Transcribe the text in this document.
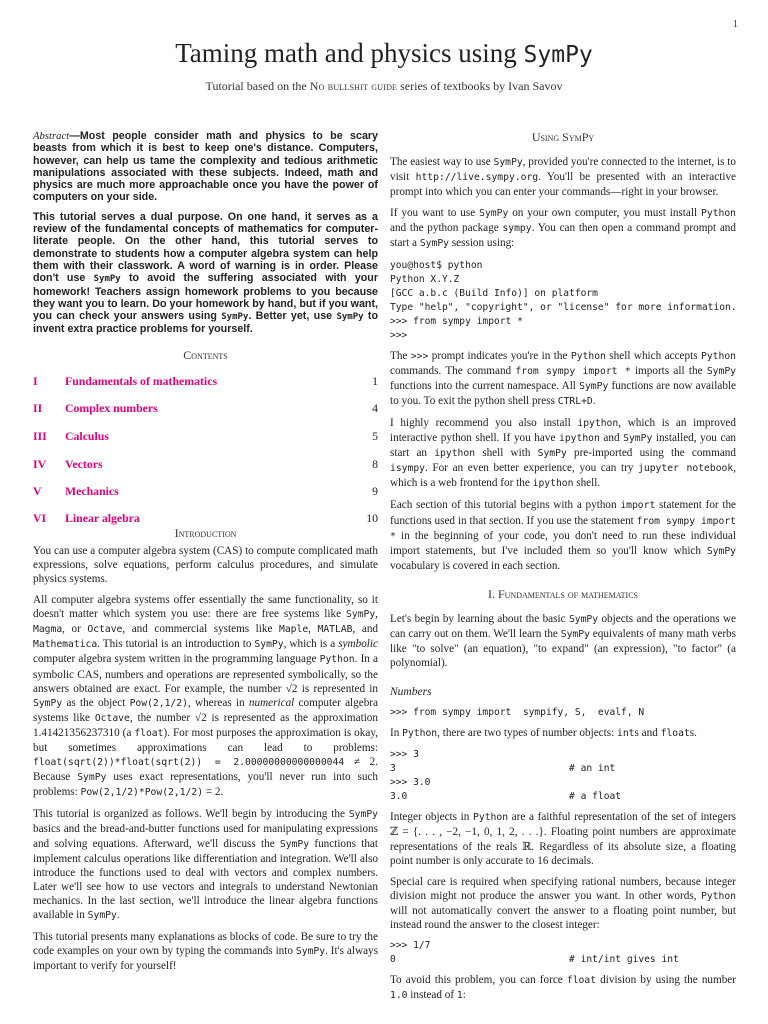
1
Taming math and physics using SymPy
Tutorial based on the No bullshit guide series of textbooks by Ivan Savov

Abstract—Most people consider math and physics to be scary beasts from which it is best to keep one's distance. Computers, however, can help us tame the complexity and tedious arithmetic manipulations associated with these subjects. Indeed, math and physics are much more approachable once you have the power of computers on your side.

This tutorial serves a dual purpose. On one hand, it serves as a review of the fundamental concepts of mathematics for computer-literate people. On the other hand, this tutorial serves to demonstrate to students how a computer algebra system can help them with their classwork. A word of warning is in order. Please don't use SymPy to avoid the suffering associated with your homework! Teachers assign homework problems to you because they want you to learn. Do your homework by hand, but if you want, you can check your answers using SymPy. Better yet, use SymPy to invent extra practice problems for yourself.

Contents
I Fundamentals of mathematics	1
II Complex numbers	4
III Calculus	5
IV Vectors	8
V Mechanics	9
VI Linear algebra	10
Introduction

You can use a computer algebra system (CAS) to compute complicated math expressions, solve equations, perform calculus procedures, and simulate physics systems.

All computer algebra systems offer essentially the same functionality, so it doesn't matter which system you use: there are free systems like SymPy, Magma, or Octave, and commercial systems like Maple, MATLAB, and Mathematica. This tutorial is an introduction to SymPy, which is a symbolic computer algebra system written in the programming language Python. In a symbolic CAS, numbers and operations are represented symbolically, so the answers obtained are exact. For example, the number √2 is represented in SymPy as the object Pow(2,1/2), whereas in numerical computer algebra systems like Octave, the number √2 is represented as the approximation 1.41421356237310 (a float). For most purposes the approximation is okay, but sometimes approximations can lead to problems: float(sqrt(2))*float(sqrt(2)) = 2.00000000000000044 ≠ 2. Because SymPy uses exact representations, you'll never run into such problems: Pow(2,1/2)*Pow(2,1/2) = 2.

This tutorial is organized as follows. We'll begin by introducing the SymPy basics and the bread-and-butter functions used for manipulating expressions and solving equations. Afterward, we'll discuss the SymPy functions that implement calculus operations like differentiation and integration. We'll also introduce the functions used to deal with vectors and complex numbers. Later we'll see how to use vectors and integrals to understand Newtonian mechanics. In the last section, we'll introduce the linear algebra functions available in SymPy.

This tutorial presents many explanations as blocks of code. Be sure to try the code examples on your own by typing the commands into SymPy. It's always important to verify for yourself!

Using SymPy

The easiest way to use SymPy, provided you're connected to the internet, is to visit http://live.sympy.org. You'll be presented with an interactive prompt into which you can enter your commands—right in your browser.

If you want to use SymPy on your own computer, you must install Python and the python package sympy. You can then open a command prompt and start a SymPy session using:

you@host$ python
Python X.Y.Z
[GCC a.b.c (Build Info)] on platform
Type "help", "copyright", or "license" for more information.
>>> from sympy import *
>>>

The >>> prompt indicates you're in the Python shell which accepts Python commands. The command from sympy import * imports all the SymPy functions into the current namespace. All SymPy functions are now available to you. To exit the python shell press CTRL+D.

I highly recommend you also install ipython, which is an improved interactive python shell. If you have ipython and SymPy installed, you can start an ipython shell with SymPy pre-imported using the command isympy. For an even better experience, you can try jupyter notebook, which is a web frontend for the ipython shell.

Each section of this tutorial begins with a python import statement for the functions used in that section. If you use the statement from sympy import * in the beginning of your code, you don't need to run these individual import statements, but I've included them so you'll know which SymPy vocabulary is covered in each section.

I. Fundamentals of mathematics

Let's begin by learning about the basic SymPy objects and the operations we can carry out on them. We'll learn the SymPy equivalents of many math verbs like "to solve" (an equation), "to expand" (an expression), "to factor" (a polynomial).

Numbers
>>> from sympy import  sympify, S,  evalf, N

In Python, there are two types of number objects: ints and floats.

>>> 3
3                              # an int
>>> 3.0
3.0                            # a float

Integer objects in Python are a faithful representation of the set of integers ℤ = {. . . , −2, −1, 0, 1, 2, . . .}. Floating point numbers are approximate representations of the reals ℝ. Regardless of its absolute size, a floating point number is only accurate to 16 decimals.

Special care is required when specifying rational numbers, because integer division might not produce the answer you want. In other words, Python will not automatically convert the answer to a floating point number, but instead round the answer to the closest integer:

>>> 1/7
0                              # int/int gives int

To avoid this problem, you can force float division by using the number 1.0 instead of 1:
